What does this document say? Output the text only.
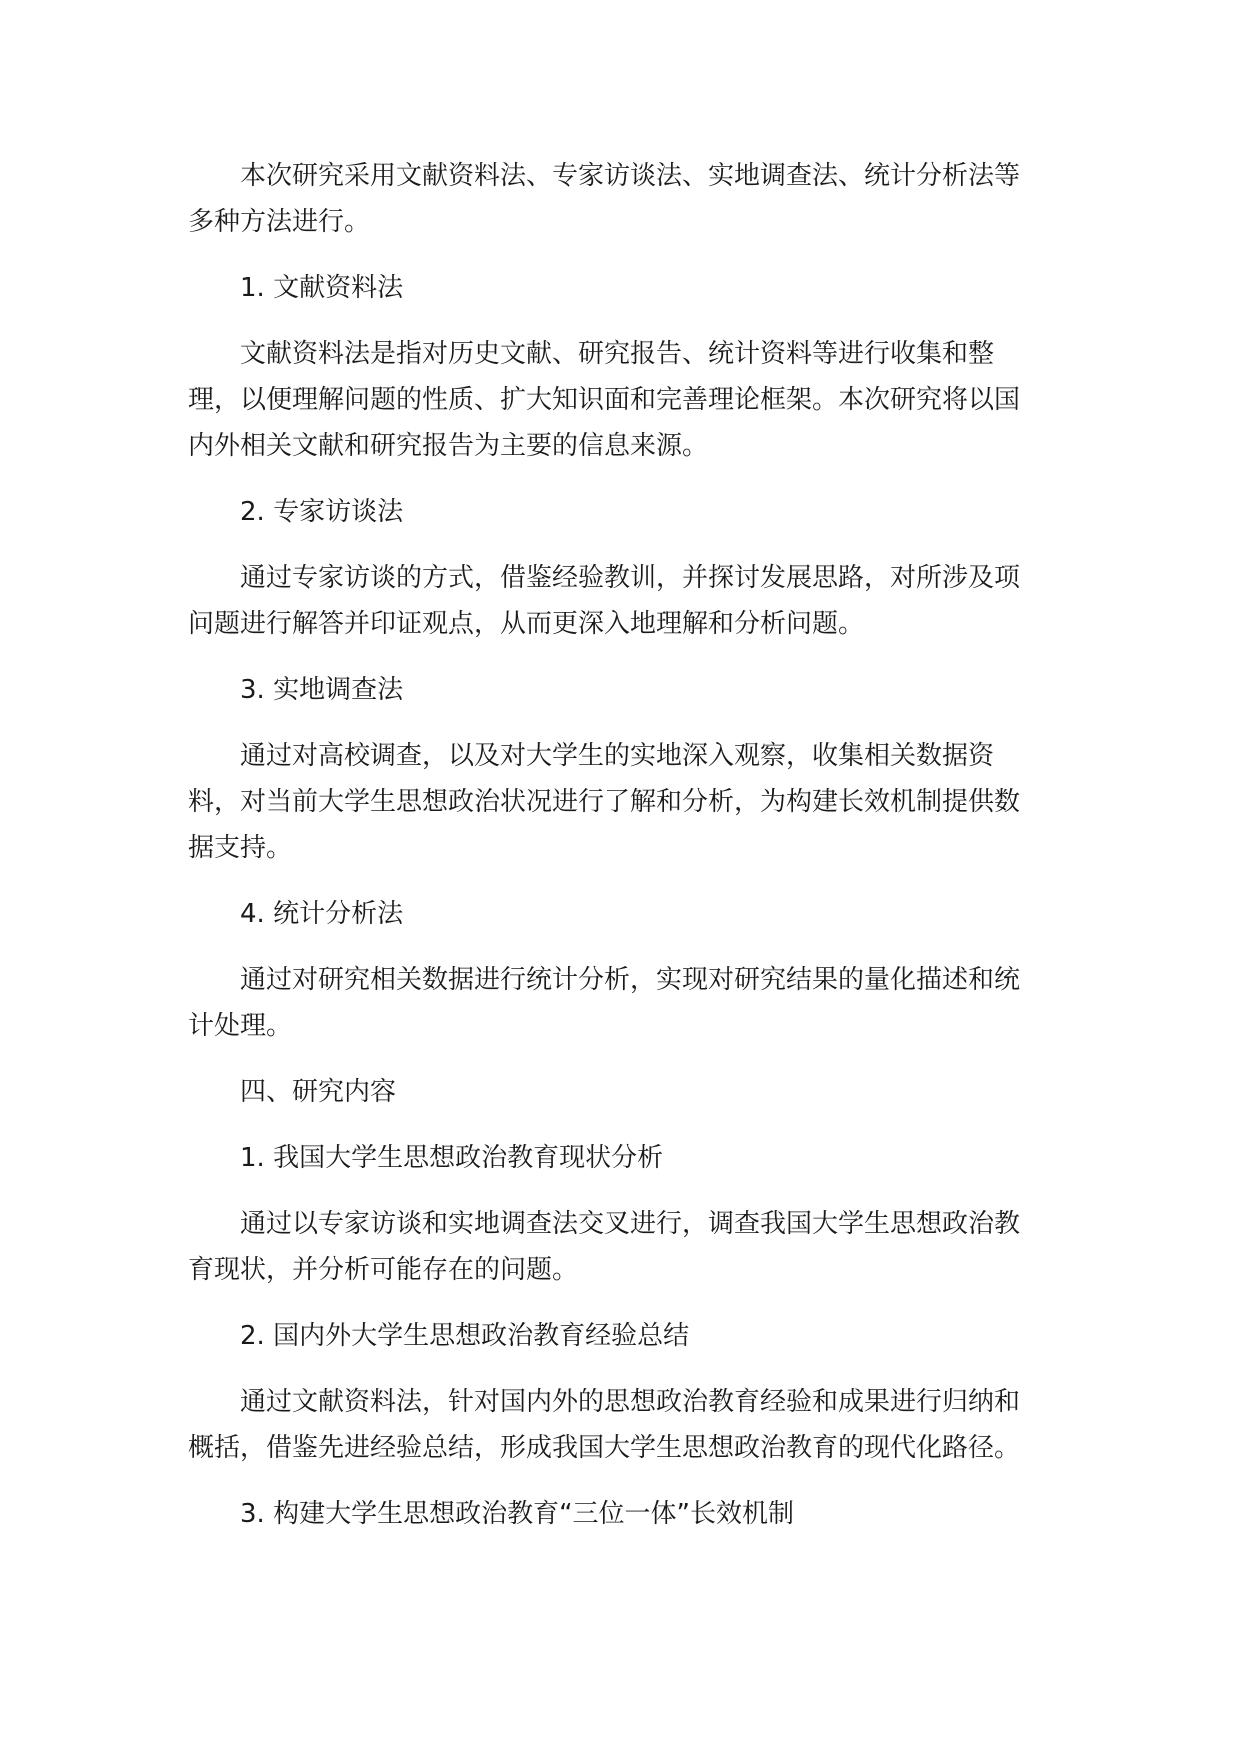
本次研究采用文献资料法、专家访谈法、实地调查法、统计分析法等多种方法进行。

1. 文献资料法

文献资料法是指对历史文献、研究报告、统计资料等进行收集和整理，以便理解问题的性质、扩大知识面和完善理论框架。本次研究将以国内外相关文献和研究报告为主要的信息来源。

2. 专家访谈法

通过专家访谈的方式，借鉴经验教训，并探讨发展思路，对所涉及项问题进行解答并印证观点，从而更深入地理解和分析问题。

3. 实地调查法

通过对高校调查，以及对大学生的实地深入观察，收集相关数据资料，对当前大学生思想政治状况进行了解和分析，为构建长效机制提供数据支持。

4. 统计分析法

通过对研究相关数据进行统计分析，实现对研究结果的量化描述和统计处理。

四、研究内容

1. 我国大学生思想政治教育现状分析

通过以专家访谈和实地调查法交叉进行，调查我国大学生思想政治教育现状，并分析可能存在的问题。

2. 国内外大学生思想政治教育经验总结

通过文献资料法，针对国内外的思想政治教育经验和成果进行归纳和概括，借鉴先进经验总结，形成我国大学生思想政治教育的现代化路径。

3. 构建大学生思想政治教育“三位一体”长效机制
